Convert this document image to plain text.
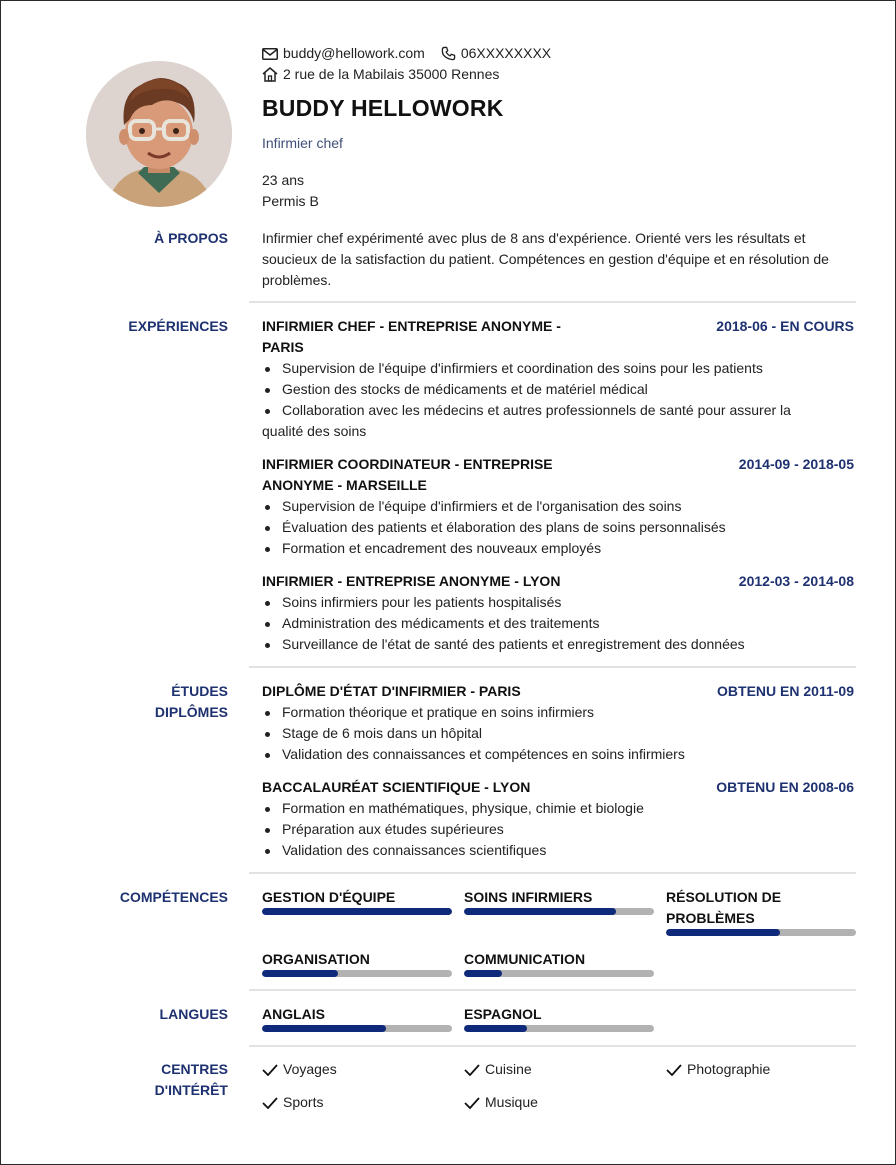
buddy@hellowork.com	06XXXXXXXX
2 rue de la Mabilais 35000 Rennes
BUDDY HELLOWORK
Infirmier chef
23 ans
Permis B
À PROPOS Infirmier chef expérimenté avec plus de 8 ans d'expérience. Orienté vers les résultats et soucieux de la satisfaction du patient. Compétences en gestion d'équipe et en résolution de problèmes.
EXPÉRIENCES INFIRMIER CHEF - ENTREPRISE ANONYME -
PARIS
2018-06 - EN COURS
Supervision de l'équipe d'infirmiers et coordination des soins pour les patients
Gestion des stocks de médicaments et de matériel médical
Collaboration avec les médecins et autres professionnels de santé pour assurer la
qualité des soins
INFIRMIER COORDINATEUR - ENTREPRISE
ANONYME - MARSEILLE
2014-09 - 2018-05
Supervision de l'équipe d'infirmiers et de l'organisation des soins
Évaluation des patients et élaboration des plans de soins personnalisés
Formation et encadrement des nouveaux employés
INFIRMIER - ENTREPRISE ANONYME - LYON	2012-03 - 2014-08
Soins infirmiers pour les patients hospitalisés
Administration des médicaments et des traitements
Surveillance de l'état de santé des patients et enregistrement des données
ÉTUDES
DIPLÔMES
DIPLÔME D'ÉTAT D'INFIRMIER - PARIS	OBTENU EN 2011-09
Formation théorique et pratique en soins infirmiers
Stage de 6 mois dans un hôpital
Validation des connaissances et compétences en soins infirmiers
BACCALAURÉAT SCIENTIFIQUE - LYON	OBTENU EN 2008-06
Formation en mathématiques, physique, chimie et biologie
Préparation aux études supérieures
Validation des connaissances scientifiques
COMPÉTENCES GESTION D'ÉQUIPE	SOINS INFIRMIERS	RÉSOLUTION DE
PROBLÈMES
ORGANISATION	COMMUNICATION
LANGUES ANGLAIS	ESPAGNOL
CENTRES
D'INTÉRÊT
Voyages	Cuisine	Photographie
Sports	Musique
